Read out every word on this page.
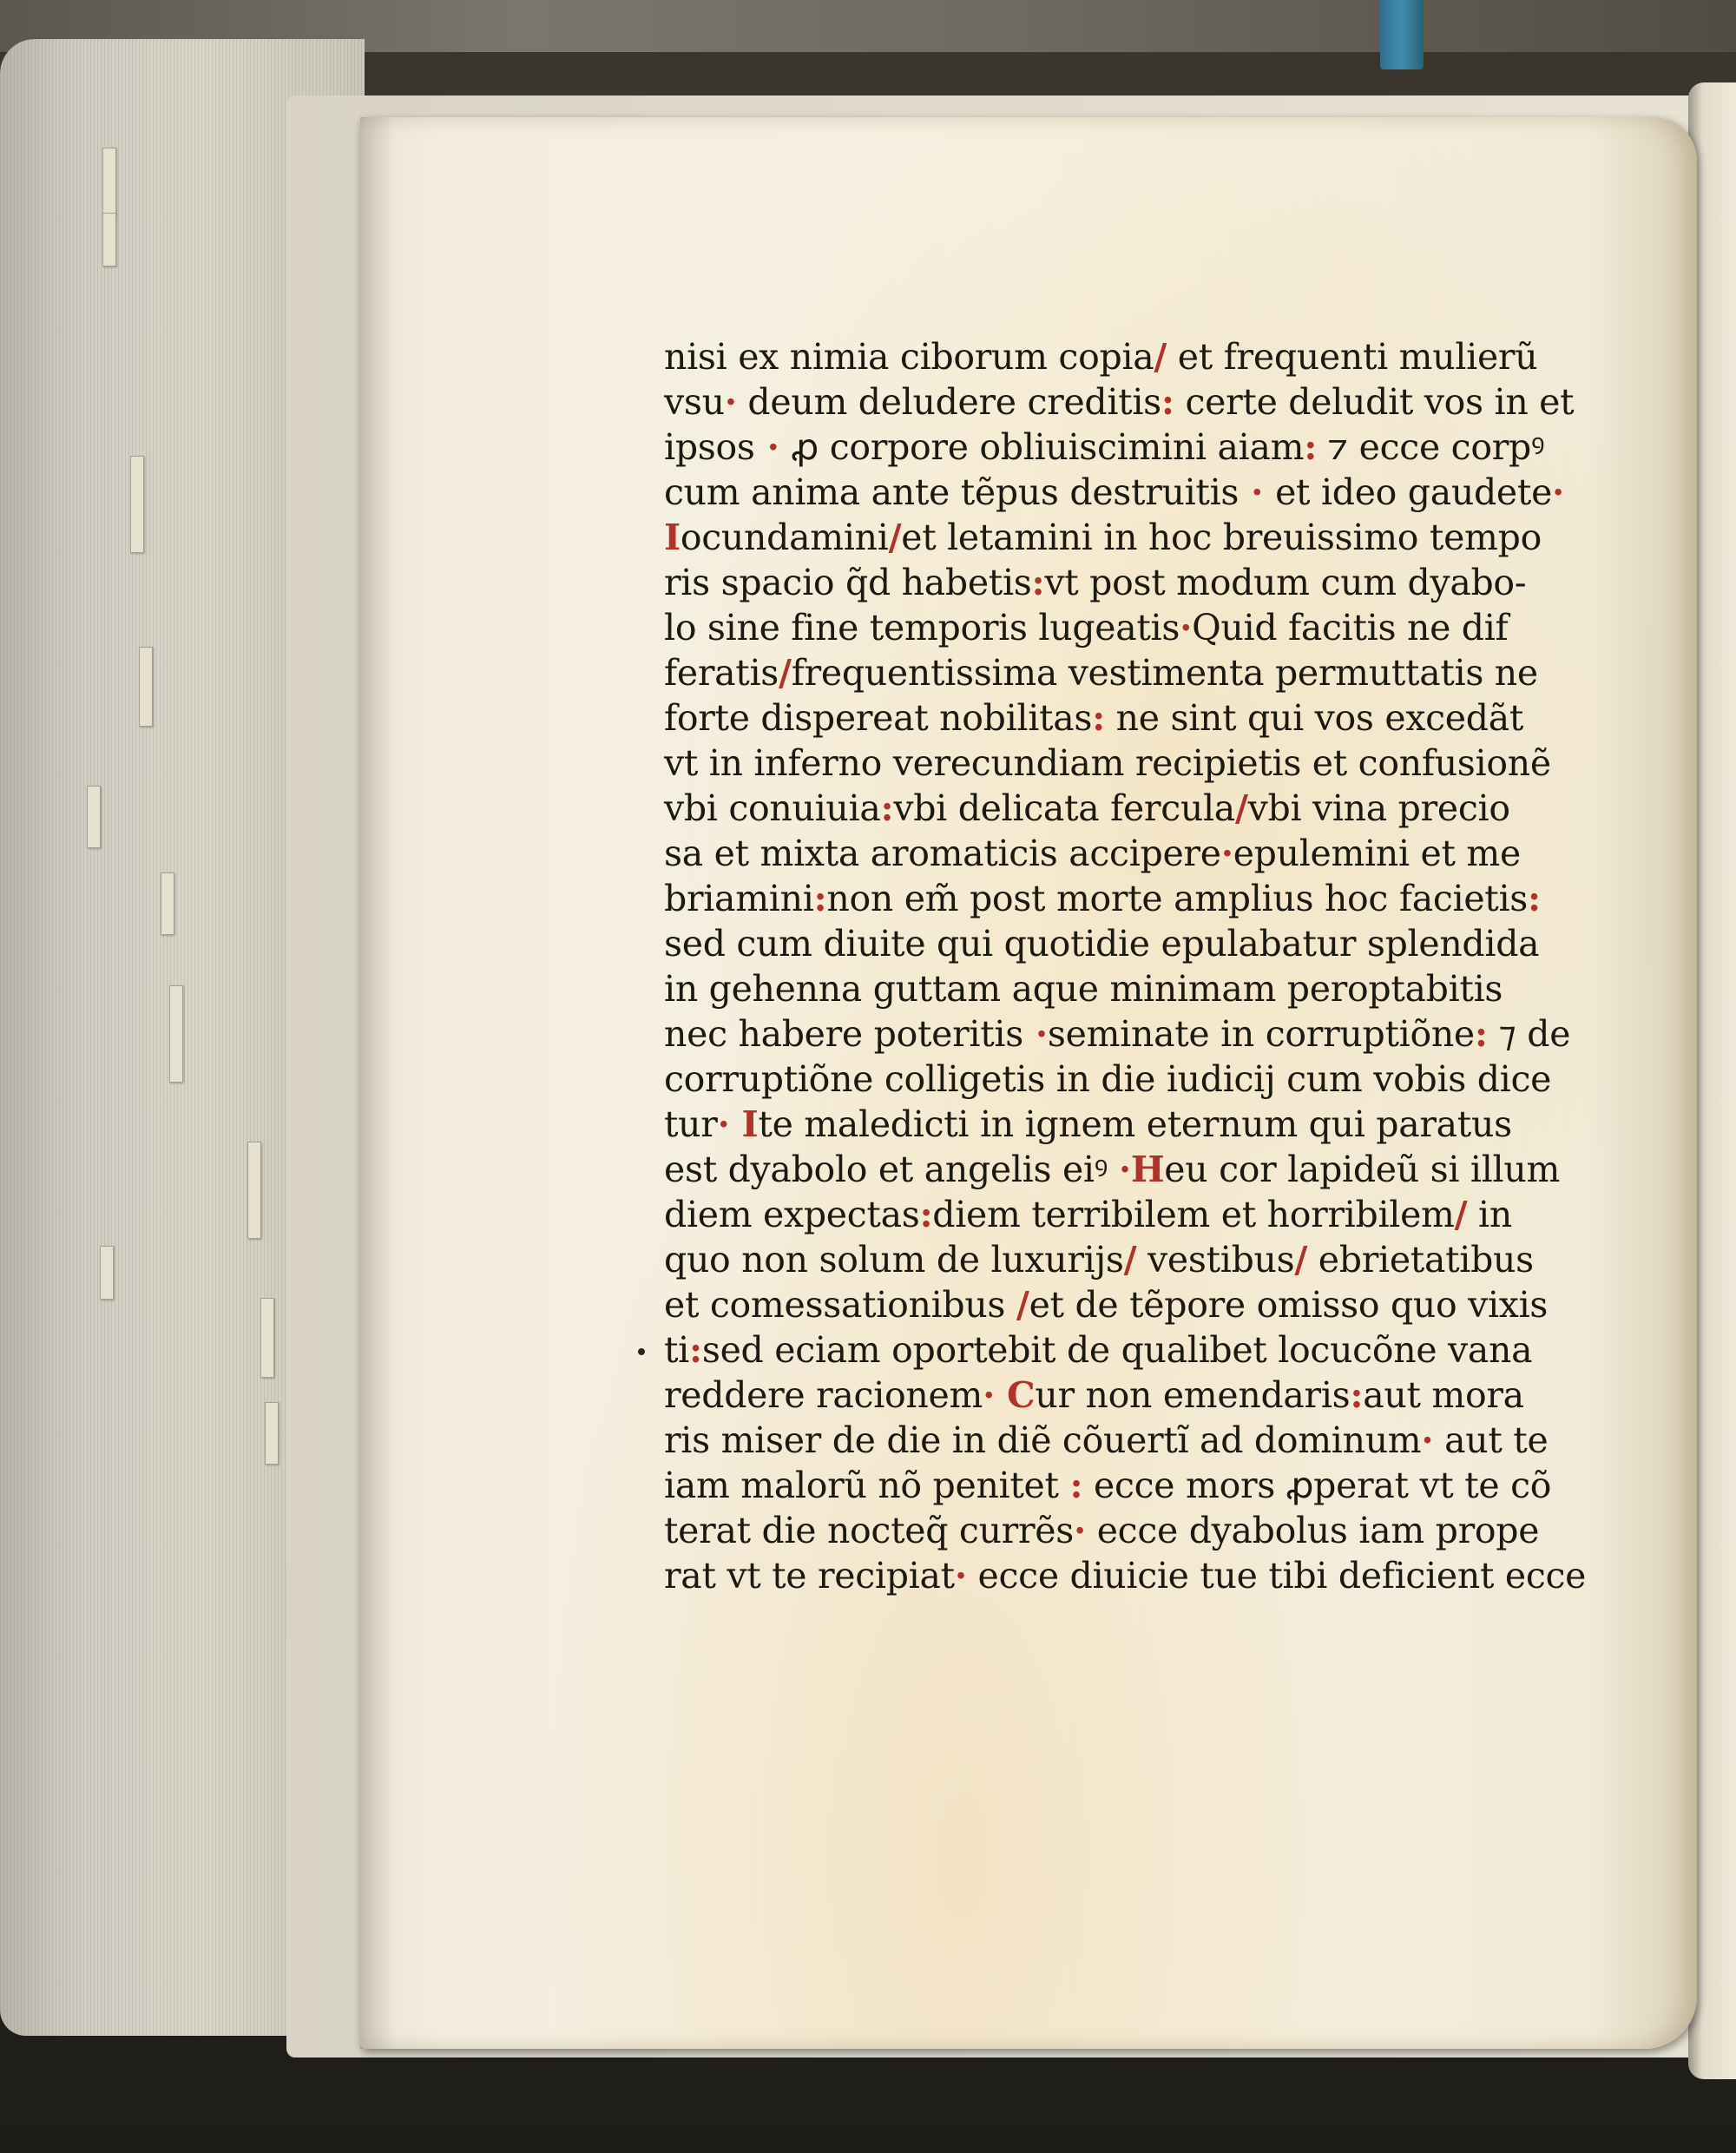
nisi ex nimia ciborum copia/ et frequenti mulierũ
vsu· deum deludere creditis: certe deludit vos in et
ipsos · ꝓ corpore obliuiscimini aiam: ⁊ ecce corpꝰ
cum anima ante tẽpus destruitis · et ideo gaudete·
Iocundamini/et letamini in hoc breuissimo tempo
ris spacio q̃d habetis:vt post modum cum dyabo-
lo sine fine temporis lugeatis·Quid facitis ne dif
feratis/frequentissima vestimenta permuttatis ne
forte dispereat nobilitas: ne sint qui vos excedãt
vt in inferno verecundiam recipietis et confusionẽ
vbi conuiuia:vbi delicata fercula/vbi vina precio
sa et mixta aromaticis accipere·epulemini et me
briamini:non em̃ post morte amplius hoc facietis:
sed cum diuite qui quotidie epulabatur splendida
in gehenna guttam aque minimam peroptabitis
nec habere poteritis ·seminate in corruptiõne: ⁊ de
corruptiõne colligetis in die iudicij cum vobis dice
tur· Ite maledicti in ignem eternum qui paratus
est dyabolo et angelis eiꝰ ·Heu cor lapideũ si illum
diem expectas:diem terribilem et horribilem/ in
quo non solum de luxurijs/ vestibus/ ebrietatibus
et comessationibus /et de tẽpore omisso quo vixis
ti:sed eciam oportebit de qualibet locucõne vana
reddere racionem· Cur non emendaris:aut mora
ris miser de die in diẽ cõuertĩ ad dominum· aut te
iam malorũ nõ penitet : ecce mors ꝓperat vt te cõ
terat die nocteq̃ currẽs· ecce dyabolus iam prope
rat vt te recipiat· ecce diuicie tue tibi deficient ecce
